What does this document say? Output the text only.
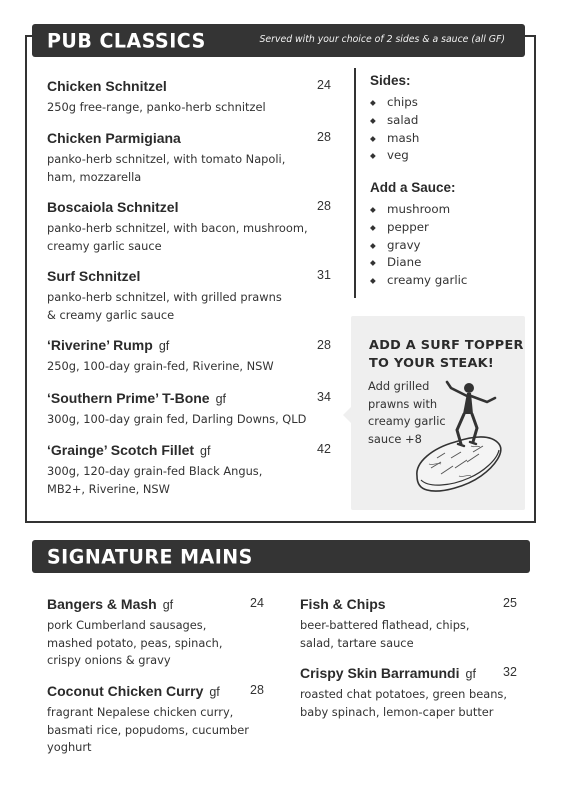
PUB CLASSICS	Served with your choice of 2 sides & a sauce (all GF)
Chicken Schnitzel
250g free-range, panko-herb schnitzel
24
Chicken Parmigiana
panko-herb schnitzel, with tomato Napoli,
ham, mozzarella
28
Boscaiola Schnitzel
panko-herb schnitzel, with bacon, mushroom,
creamy garlic sauce
28
Surf Schnitzel
panko-herb schnitzel, with grilled prawns
& creamy garlic sauce
31
‘Riverine’ Rump gf
250g, 100-day grain-fed, Riverine, NSW
28
‘Southern Prime’ T-Bone gf
300g, 100-day grain fed, Darling Downs, QLD
34
‘Grainge’ Scotch Fillet gf
300g, 120-day grain-fed Black Angus,
MB2+, Riverine, NSW
42
Sides:
◆ chips
◆ salad
◆ mash
◆ veg
Add a Sauce:
◆ mushroom
◆ pepper
◆ gravy
◆ Diane
◆ creamy garlic
ADD A SURF TOPPER
TO YOUR STEAK!
Add grilled
prawns with
creamy garlic
sauce +8
SIGNATURE MAINS
Bangers & Mash gf
pork Cumberland sausages,
mashed potato, peas, spinach,
crispy onions & gravy
24
Coconut Chicken Curry gf
fragrant Nepalese chicken curry,
basmati rice, popudoms, cucumber
yoghurt
28
Fish & Chips
beer-battered flathead, chips,
salad, tartare sauce
25
Crispy Skin Barramundi gf
roasted chat potatoes, green beans,
baby spinach, lemon-caper butter
32
